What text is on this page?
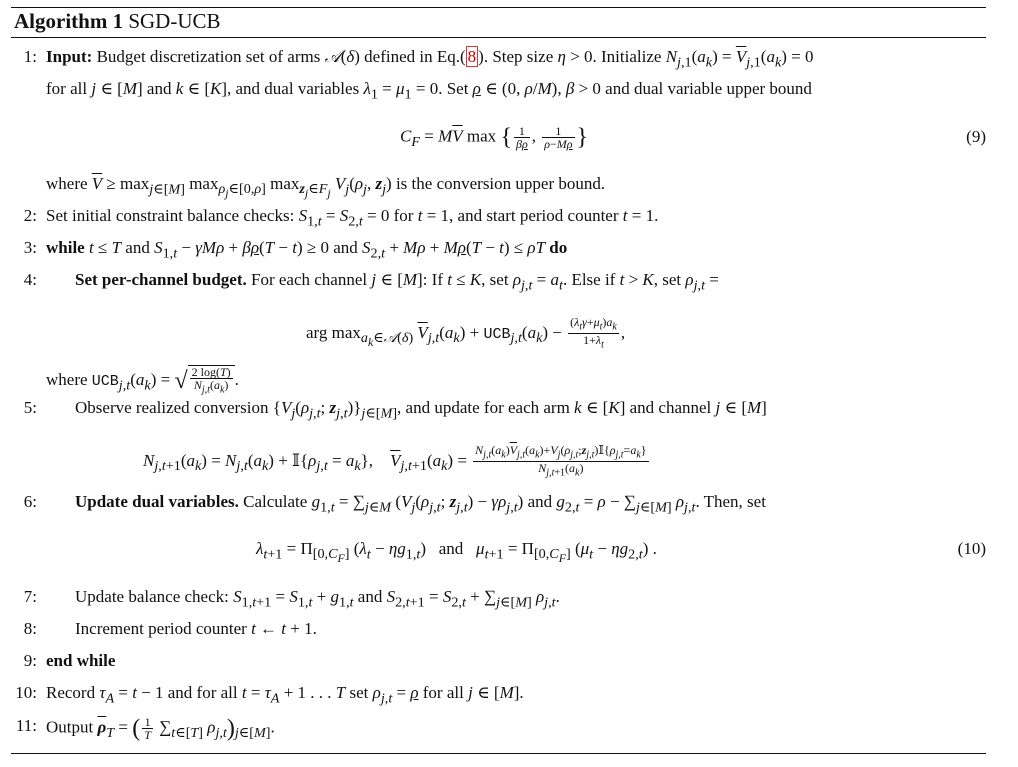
Algorithm 1 SGD-UCB
1: Input: Budget discretization set of arms 𝒜(δ) defined in Eq.( 8 ). Step size η > 0. Initialize $N_{j,1}(a_k) = \overline{V}_{j,1}(a_k) = 0$
for all j ∈ [M] and k ∈ [K], and dual variables $\lambda_1 = \mu_1 = 0$. Set ρ ∈ (0, ρ/M), β > 0 and dual variable upper bound
$C_F = M\overline{V}$ max { $\frac{1}{\beta\rho}$ , $\frac{1}{\rho-M\rho}$ }	(9)
where $\overline{V} \ge \max_{j\in[M]} \max_{\rho_j\in[0,\rho]} \max_{z_j\in F_j} V_j(\rho_j$, $z_j$) is the conversion upper bound.
2: Set initial constraint balance checks: $S_{1,t} = S_{2,t} = 0$ for t = 1, and start period counter t = 1.
3: while t ≤ T and $S_{1,t} - \gamma M\rho + \beta\rho(T - t) \ge 0$ and $S_{2,t} + M\rho + M\rho(T - t) \le \rho T$ do
4: Set per-channel budget. For each channel j ∈ [M]: If t ≤ K, set $\rho_{j,t} = a_t$. Else if t > K, set $\rho_{j,t}$ =
arg $\max_{a_k\in 𝒜(\delta)} \overline{V}_{j,t}(a_k) + UCB_{j,t}(a_k) - \frac{(\lambda_t\gamma+\mu_t)a_k}{1+\lambda_t}$ ,
where $UCB_{j,t}(a_k)$ = √ $\frac{2 \log(T)}{N_{j,t}(a_k)}$ .
5: Observe realized conversion {$V_j(\rho_{j,t}$; $z_{j,t})\}_{j\in[M]}$, and update for each arm k ∈ [K] and channel j ∈ [M]
$N_{j,t+1}(a_k) = N_{j,t}(a_k)$ + $𝕀\{\rho_{j,t} = a_k\}$,    $\overline{V}_{j,t+1}(a_k) = \frac{N_{j,t}(a_k)\overline{V}_{j,t}(a_k)+V_j(\rho_{j,t};z_{j,t})𝕀\{\rho_{j,t}=a_k\}}{N_{j,t+1}(a_k)}$
6: Update dual variables. Calculate $g_{1,t} = \sum_{j\in M}$ ($V_j(\rho_{j,t}$; $z_{j,t}) - \gamma\rho_{j,t}$) and $g_{2,t} = \rho - \sum_{j\in[M]}$ $\rho_{j,t}$. Then, set
$\lambda_{t+1} = \Pi_{[0,C_F]}$ $(\lambda_t - \eta g_{1,t})$   and   $\mu_{t+1} = \Pi_{[0,C_F]}$ $(\mu_t - \eta g_{2,t})$ .	(10)
7: Update balance check: $S_{1,t+1} = S_{1,t} + g_{1,t}$ and $S_{2,t+1} = S_{2,t} + \sum_{j\in[M]}$ $\rho_{j,t}$.
8: Increment period counter t ← t + 1.
9: end while
10: Record $\tau_A = t - 1$ and for all $t = \tau_A + 1$ . . . T set $\rho_{j,t} = \rho$ for all j ∈ [M].
11: Output $\overline{\rho}_T$ = ( $\frac{1}{T} \sum_{t\in[T]}$ $\rho_{j,t})_{j\in[M]}$.
